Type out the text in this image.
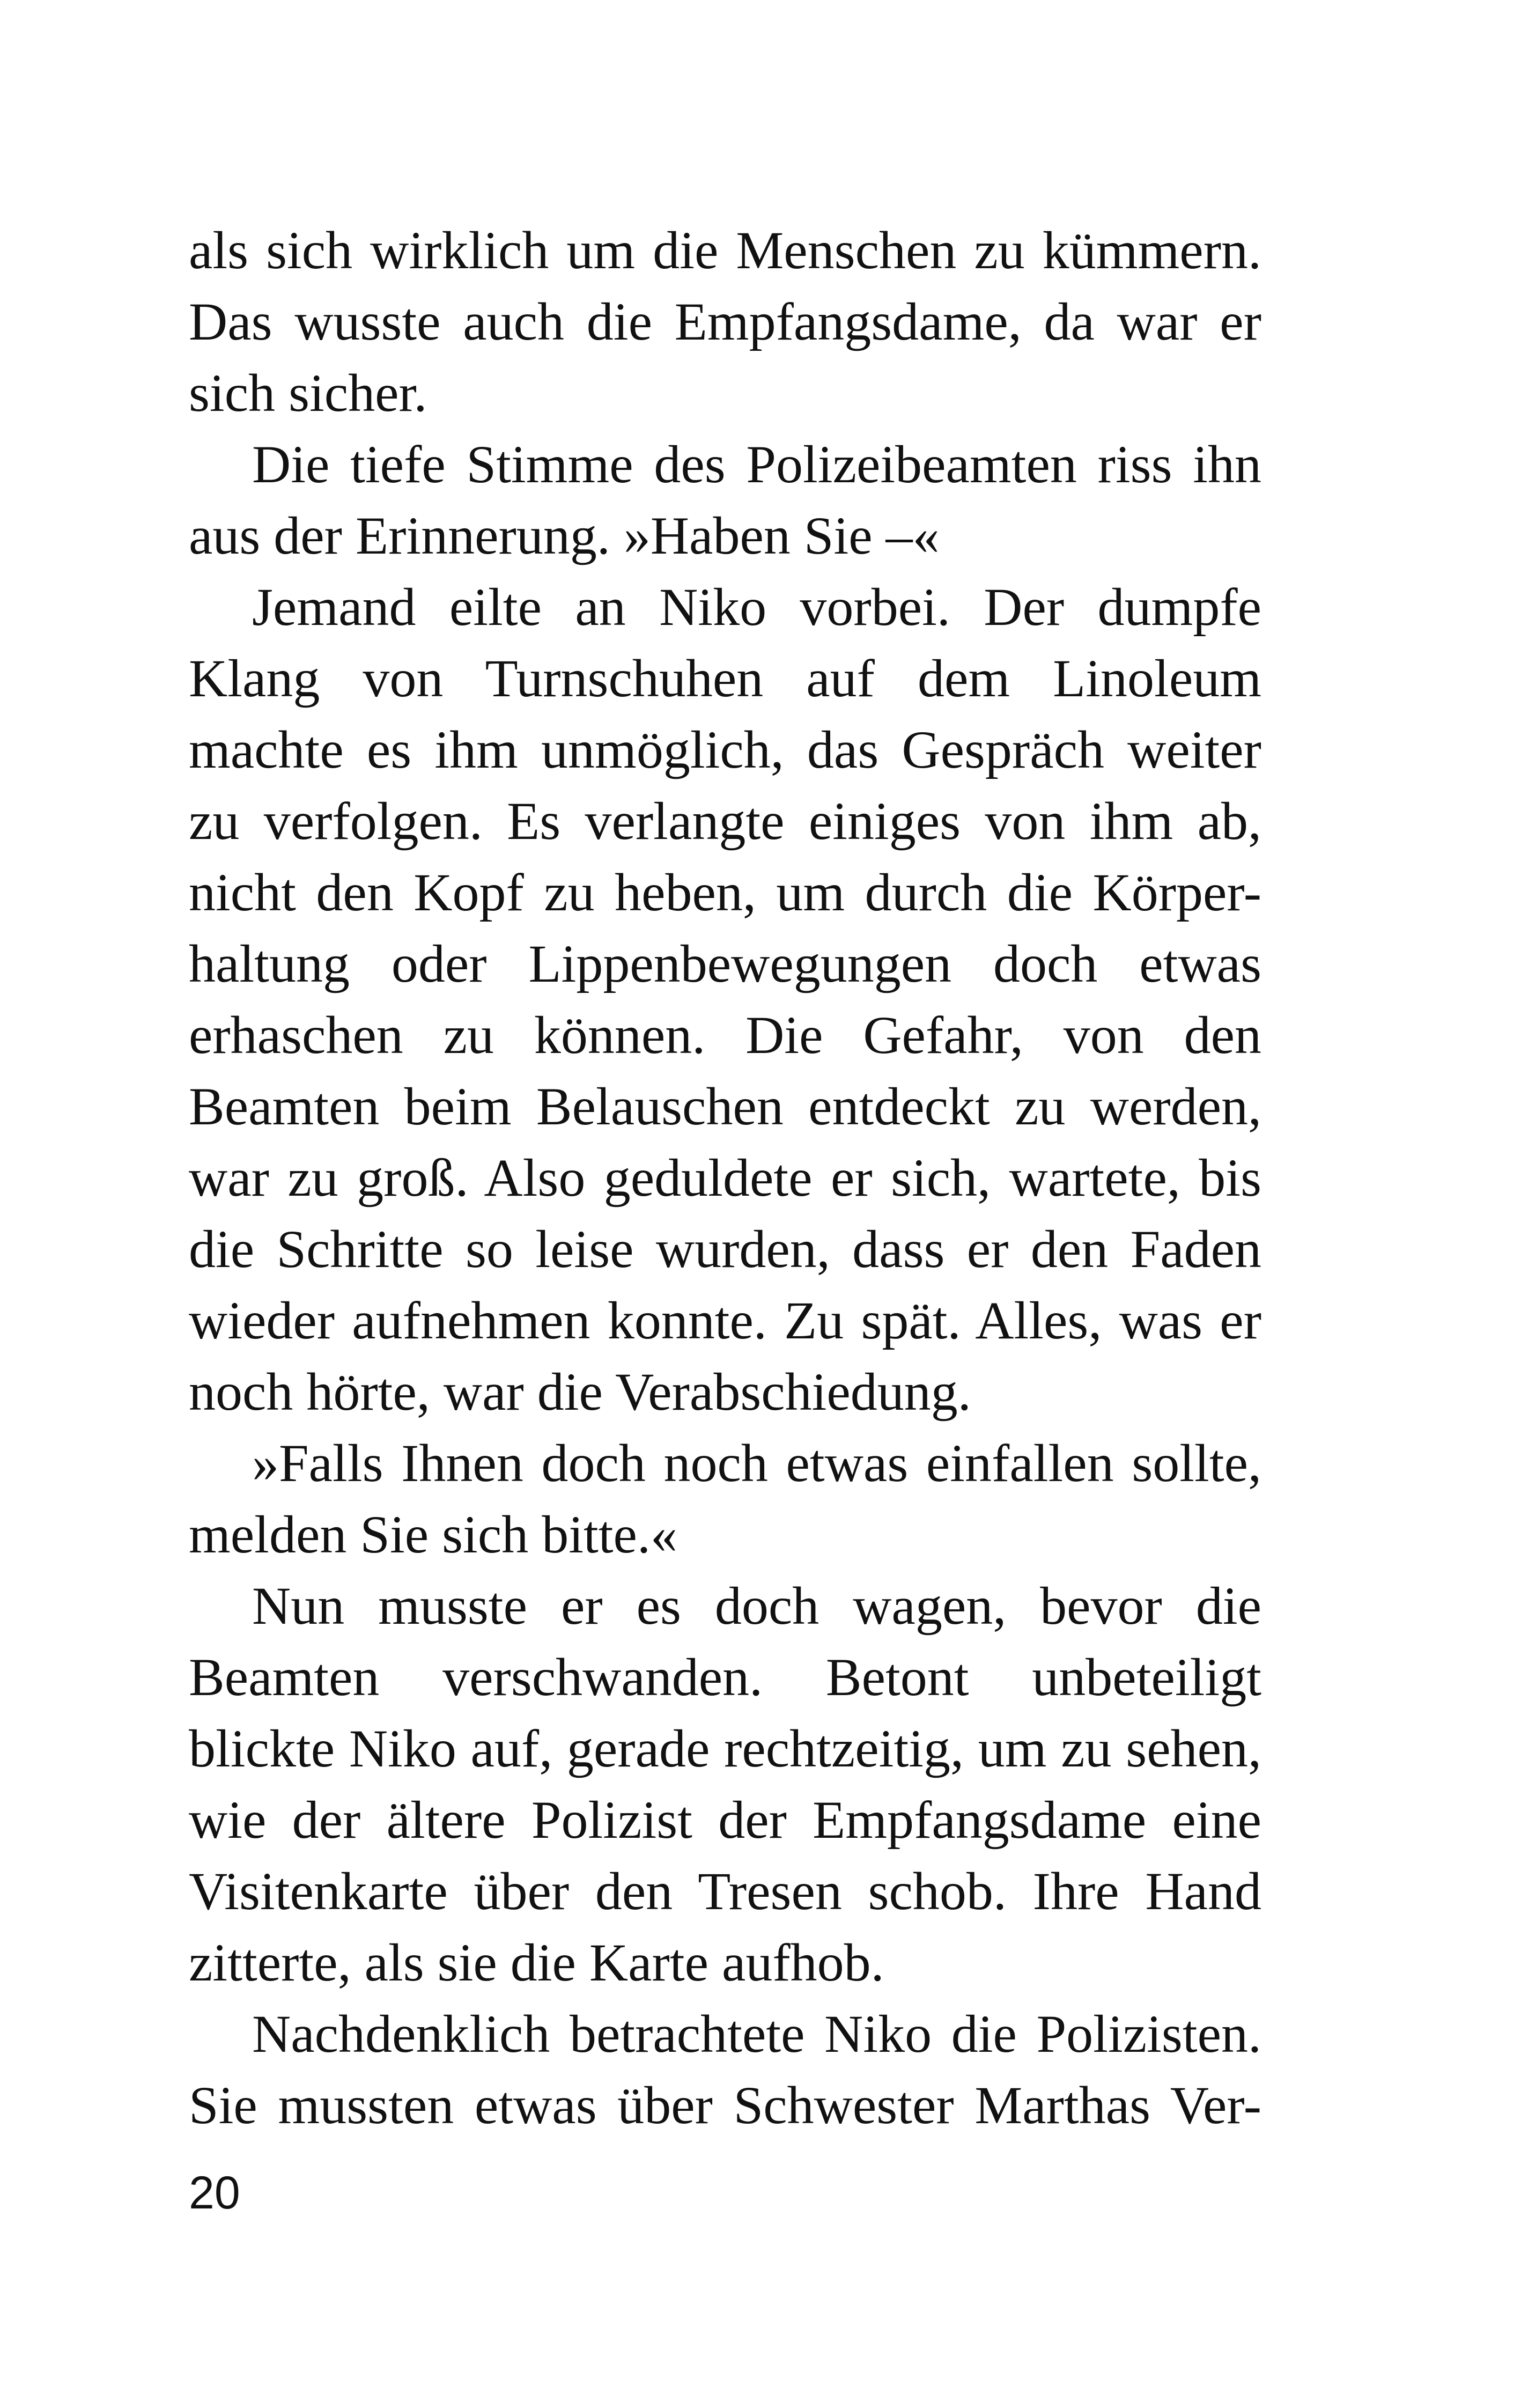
als sich wirklich um die Menschen zu kümmern.
Das wusste auch die Empfangsdame, da war er
sich sicher.
Die tiefe Stimme des Polizeibeamten riss ihn
aus der Erinnerung. »Haben Sie –«
Jemand eilte an Niko vorbei. Der dumpfe
Klang von Turnschuhen auf dem Linoleum
machte es ihm unmöglich, das Gespräch weiter
zu verfolgen. Es verlangte einiges von ihm ab,
nicht den Kopf zu heben, um durch die Körper-
haltung oder Lippenbewegungen doch etwas
erhaschen zu können. Die Gefahr, von den
Beamten beim Belauschen entdeckt zu werden,
war zu groß. Also geduldete er sich, wartete, bis
die Schritte so leise wurden, dass er den Faden
wieder aufnehmen konnte. Zu spät. Alles, was er
noch hörte, war die Verabschiedung.
»Falls Ihnen doch noch etwas einfallen sollte,
melden Sie sich bitte.«
Nun musste er es doch wagen, bevor die
Beamten verschwanden. Betont unbeteiligt
blickte Niko auf, gerade rechtzeitig, um zu sehen,
wie der ältere Polizist der Empfangsdame eine
Visitenkarte über den Tresen schob. Ihre Hand
zitterte, als sie die Karte aufhob.
Nachdenklich betrachtete Niko die Polizisten.
Sie mussten etwas über Schwester Marthas Ver-
20
